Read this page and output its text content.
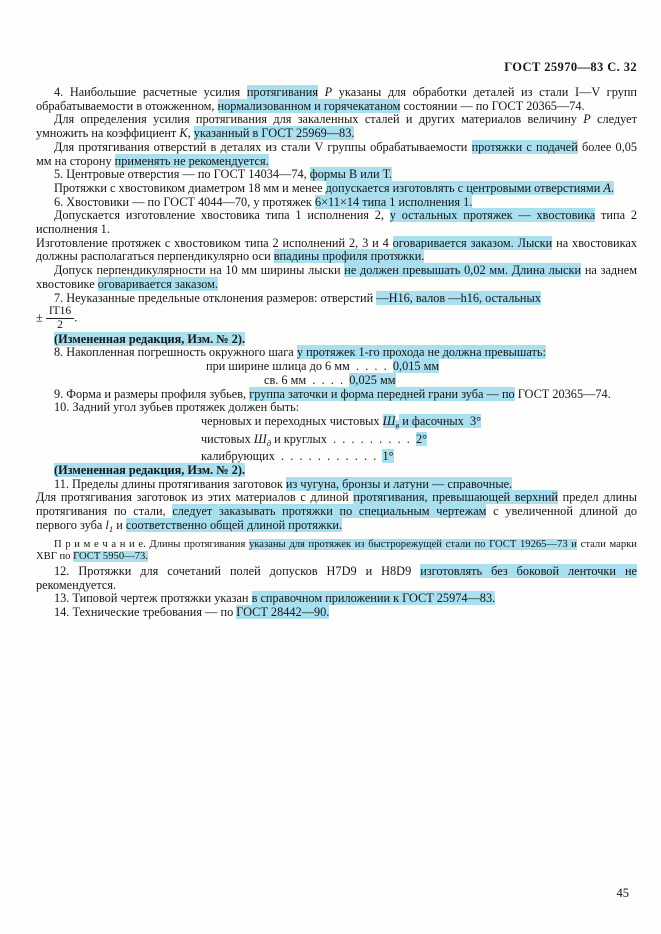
ГОСТ 25970—83 С. 32
4. Наибольшие расчетные усилия протягивания Р указаны для обработки деталей из стали I—V групп обрабатываемости в отожженном, нормализованном и горячекатаном состоянии — по ГОСТ 20365—74.
Для определения усилия протягивания для закаленных сталей и других материалов величину Р следует умножить на коэффициент К, указанный в ГОСТ 25969—83.
Для протягивания отверстий в деталях из стали V группы обрабатываемости протяжки с подачей более 0,05 мм на сторону применять не рекомендуется.
5. Центровые отверстия — по ГОСТ 14034—74, формы В или Т.
Протяжки с хвостовиком диаметром 18 мм и менее допускается изготовлять с центровыми отверстиями А.
6. Хвостовики — по ГОСТ 4044—70, у протяжек 6×11×14 типа 1 исполнения 1.
Допускается изготовление хвостовика типа 1 исполнения 2, у остальных протяжек — хвостовика типа 2 исполнения 1.
Изготовление протяжек с хвостовиком типа 2 исполнений 2, 3 и 4 оговаривается заказом. Лыски на хвостовиках должны располагаться перпендикулярно оси впадины профиля протяжки.
Допуск перпендикулярности на 10 мм ширины лыски не должен превышать 0,02 мм. Длина лыски на заднем хвостовике оговаривается заказом.
7. Неуказанные предельные отклонения размеров: отверстий —H16, валов —h16, остальных
± $\frac{IT16}{2}$ .
(Измененная редакция, Изм. № 2).
8. Накопленная погрешность окружного шага у протяжек 1-го прохода не должна превышать:
при ширине шлица до 6 мм  .  .  .  .  0,015 мм
св. 6 мм  .  .  .  .  0,025 мм
9. Форма и размеры профиля зубьев, группа заточки и форма передней грани зуба — по ГОСТ 20365—74.
10. Задний угол зубьев протяжек должен быть:
черновых и переходных чистовых $Ш_в$ и фасочных  3°
чистовых $Ш_д$ и круглых  .  .  .  .  .  .  .  .  .  2°
калибрующих  .  .  .  .  .  .  .  .  .  .  .  1°
(Измененная редакция, Изм. № 2).
11. Пределы длины протягивания заготовок из чугуна, бронзы и латуни — справочные.
Для протягивания заготовок из этих материалов с длиной протягивания, превышающей верхний предел длины протягивания по стали, следует заказывать протяжки по специальным чертежам с увеличенной длиной до первого зуба $l_1$ и соответственно общей длиной протяжки.
П р и м е ч а н и е. Длины протягивания указаны для протяжек из быстрорежущей стали по ГОСТ 19265—73 и стали марки ХВГ по ГОСТ 5950—73.
12. Протяжки для сочетаний полей допусков H7D9 и H8D9 изготовлять без боковой ленточки не рекомендуется.
13. Типовой чертеж протяжки указан в справочном приложении к ГОСТ 25974—83.
14. Технические требования — по ГОСТ 28442—90.
45
